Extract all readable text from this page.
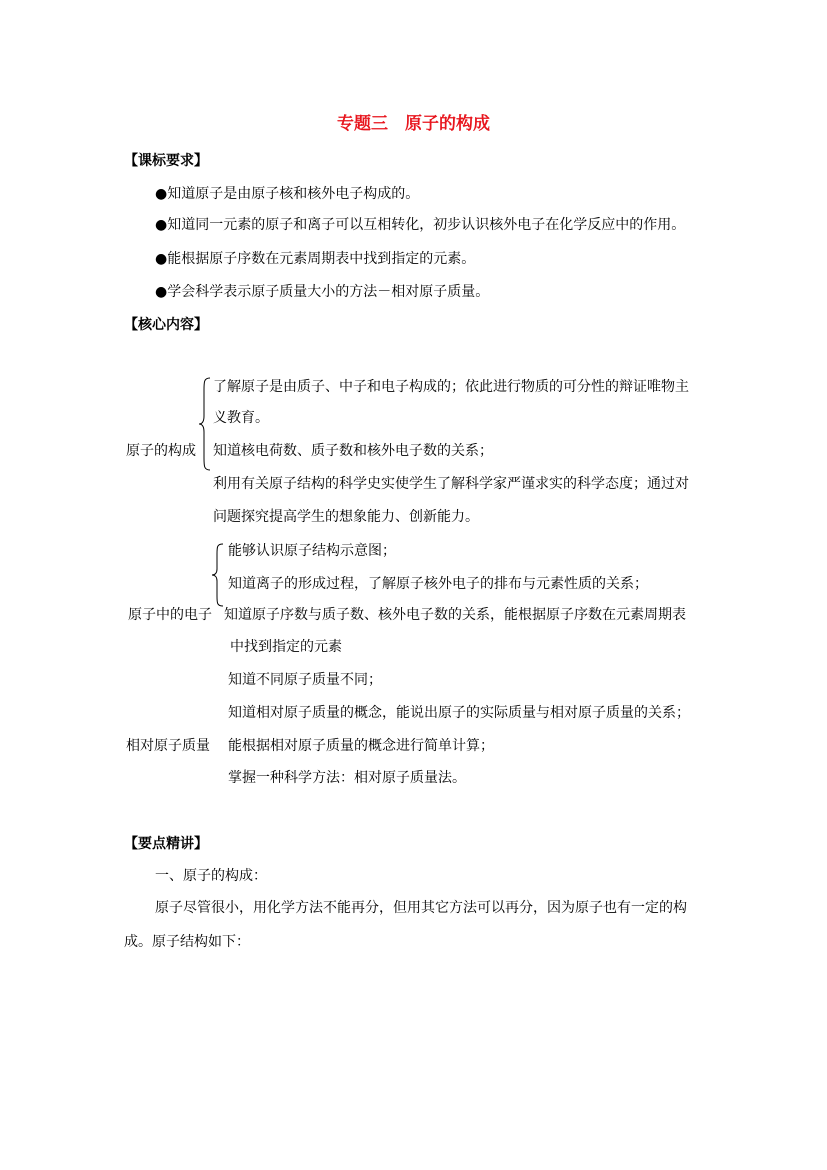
专题三　原子的构成
【课标要求】
●知道原子是由原子核和核外电子构成的。
●知道同一元素的原子和离子可以互相转化，初步认识核外电子在化学反应中的作用。
●能根据原子序数在元素周期表中找到指定的元素。
●学会科学表示原子质量大小的方法－相对原子质量。
【核心内容】
原子的构成
了解原子是由质子、中子和电子构成的；依此进行物质的可分性的辩证唯物主
义教育。
知道核电荷数、质子数和核外电子数的关系；
利用有关原子结构的科学史实使学生了解科学家严谨求实的科学态度；通过对
问题探究提高学生的想象能力、创新能力。
原子中的电子
能够认识原子结构示意图；
知道离子的形成过程，了解原子核外电子的排布与元素性质的关系；
知道原子序数与质子数、核外电子数的关系，能根据原子序数在元素周期表
中找到指定的元素
相对原子质量
知道不同原子质量不同；
知道相对原子质量的概念，能说出原子的实际质量与相对原子质量的关系；
能根据相对原子质量的概念进行简单计算；
掌握一种科学方法：相对原子质量法。
【要点精讲】
一、原子的构成：
原子尽管很小，用化学方法不能再分，但用其它方法可以再分，因为原子也有一定的构
成。原子结构如下：
